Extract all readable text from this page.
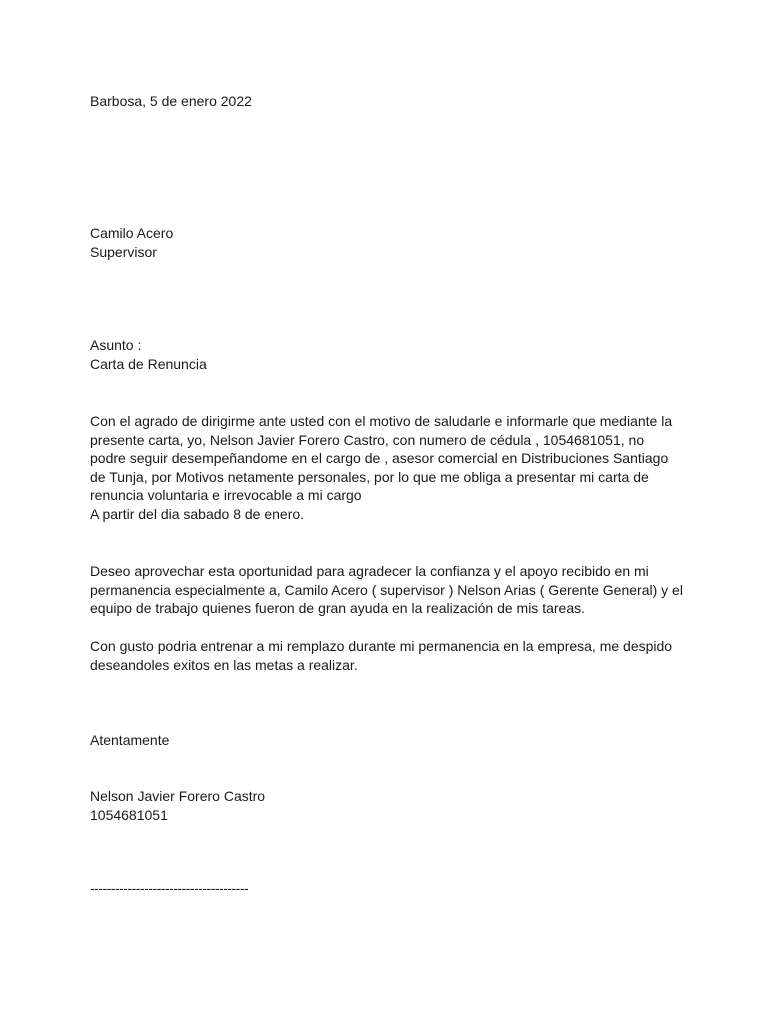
Barbosa, 5 de enero 2022
Camilo Acero
Supervisor
Asunto :
Carta de Renuncia
Con el agrado de dirigirme ante usted con el motivo de saludarle e informarle que mediante la
presente carta, yo, Nelson Javier Forero Castro, con numero de cédula , 1054681051, no
podre seguir desempeñandome en el cargo de , asesor comercial en Distribuciones Santiago
de Tunja, por Motivos netamente personales, por lo que me obliga a presentar mi carta de
renuncia voluntaria e irrevocable a mi cargo
A partir del dia sabado 8 de enero.
Deseo aprovechar esta oportunidad para agradecer la confianza y el apoyo recibido en mi
permanencia especialmente a, Camilo Acero ( supervisor ) Nelson Arias ( Gerente General) y el
equipo de trabajo quienes fueron de gran ayuda en la realización de mis tareas.
Con gusto podria entrenar a mi remplazo durante mi permanencia en la empresa, me despido
deseandoles exitos en las metas a realizar.
Atentamente
Nelson Javier Forero Castro
1054681051
--------------------------------------
